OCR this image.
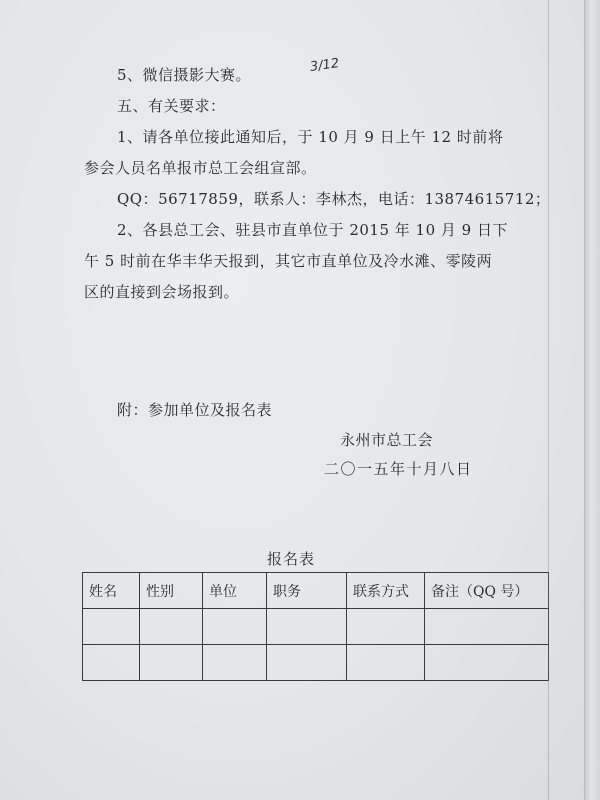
3/12
5、微信摄影大赛。
五、有关要求：
1、请各单位接此通知后，于 10 月 9 日上午 12 时前将
参会人员名单报市总工会组宣部。
QQ：56717859，联系人：李林杰，电话：13874615712；
2、各县总工会、驻县市直单位于 2015 年 10 月 9 日下
午 5 时前在华丰华天报到，其它市直单位及冷水滩、零陵两
区的直接到会场报到。
附：参加单位及报名表
永州市总工会
二〇一五年十月八日
报名表
姓名	性别	单位	职务	联系方式	备注（QQ 号）
